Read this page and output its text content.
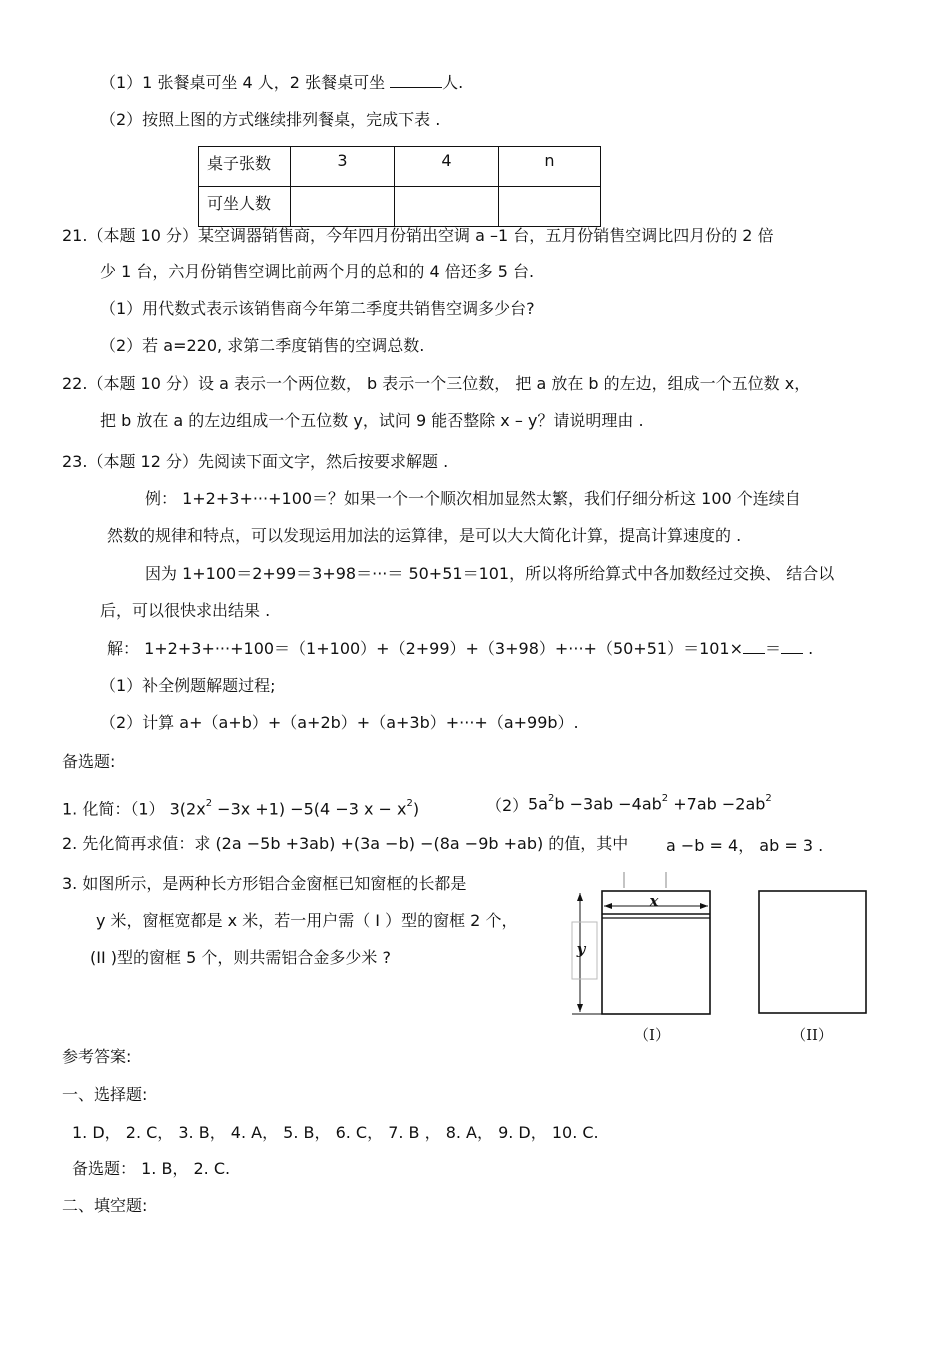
（1）1 张餐桌可坐 4 人，2 张餐桌可坐	人.
（2）按照上图的方式继续排列餐桌，完成下表 .
桌子张数	3	4	n
可坐人数			
21.（本题 10 分）某空调器销售商，今年四月份销出空调 a –1 台，五月份销售空调比四月份的 2 倍
少 1 台，六月份销售空调比前两个月的总和的 4 倍还多 5 台.
（1）用代数式表示该销售商今年第二季度共销售空调多少台?
（2）若 a=220, 求第二季度销售的空调总数.
22.（本题 10 分）设 a 表示一个两位数， b 表示一个三位数， 把 a 放在 b 的左边，组成一个五位数 x，
把 b 放在 a 的左边组成一个五位数 y，试问 9 能否整除 x – y？请说明理由 .
23.（本题 12 分）先阅读下面文字，然后按要求解题 .
例： 1+2+3+···+100＝？如果一个一个顺次相加显然太繁，我们仔细分析这 100 个连续自
然数的规律和特点，可以发现运用加法的运算律，是可以大大简化计算，提高计算速度的 .
因为 1+100＝2+99＝3+98＝···＝ 50+51＝101，所以将所给算式中各加数经过交换、 结合以
后，可以很快求出结果 .
解： 1+2+3+···+100＝（1+100）+（2+99）+（3+98）+···+（50+51）＝101× ＝ .
（1）补全例题解题过程;
（2）计算 a+（a+b）+（a+2b）+（a+3b）+···+（a+99b）.
备选题:
1. 化简：（1） $3(2x^2 -3x +1) -5(4 -3$ $x - x^2$)	（2） $5a^2b -3ab -4ab^2 +7ab -2ab^2$
2. 先化简再求值：求 (2a −5b +3ab) +(3a −b) −(8a −9b +ab) 的值，其中 a −b = 4， ab = 3 .
3. 如图所示，是两种长方形铝合金窗框已知窗框的长都是
y 米，窗框宽都是 x 米，若一用户需（ I ）型的窗框 2 个，
(II )型的窗框 5 个，则共需铝合金多少米 ?
x
y
（I）	（II）
参考答案:
一、选择题:
1. D， 2. C， 3. B， 4. A， 5. B， 6. C， 7. B ， 8. A， 9. D， 10. C.
备选题： 1. B， 2. C.
二、填空题:
